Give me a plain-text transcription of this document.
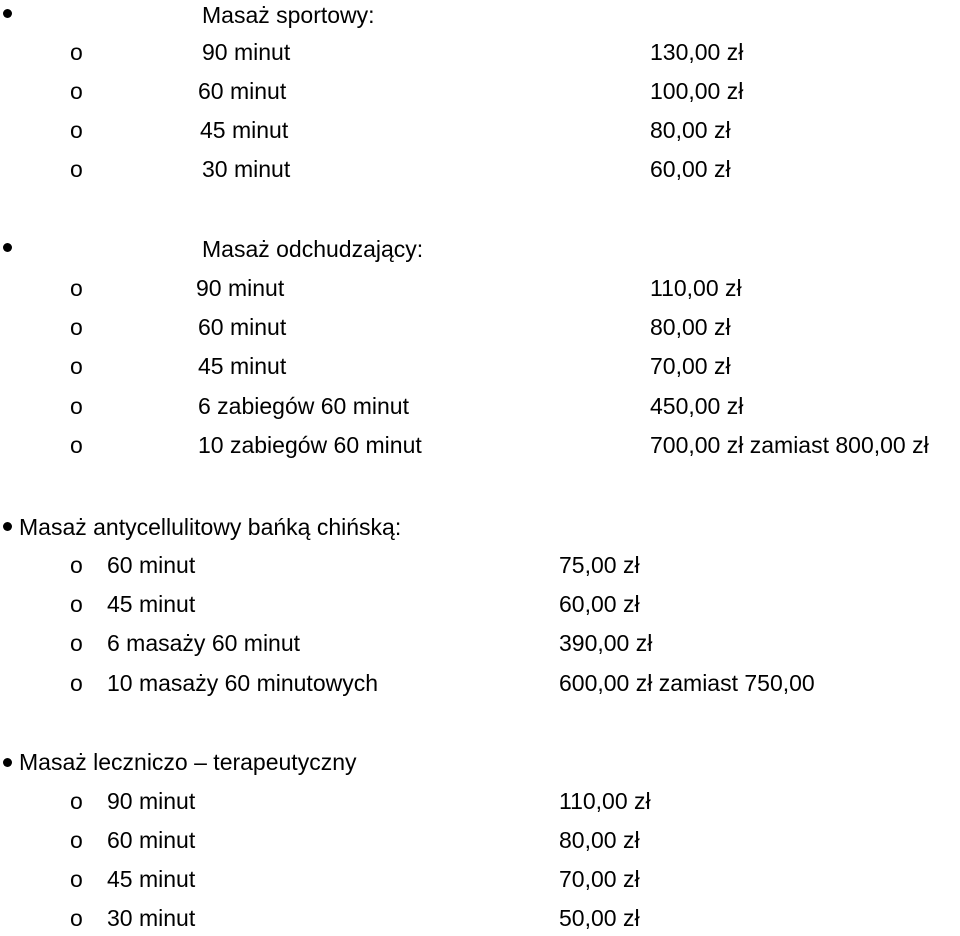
Masaż sportowy:
o	90 minut	130,00 zł
o	60 minut	100,00 zł
o	45 minut	80,00 zł
o	30 minut	60,00 zł
Masaż odchudzający:
o	90 minut	110,00 zł
o	60 minut	80,00 zł
o	45 minut	70,00 zł
o	6 zabiegów 60 minut	450,00 zł
o	10 zabiegów 60 minut	700,00 zł zamiast 800,00 zł
Masaż antycellulitowy bańką chińską:
o 60 minut	75,00 zł
o 45 minut	60,00 zł
o 6 masaży 60 minut	390,00 zł
o 10 masaży 60 minutowych	600,00 zł zamiast 750,00
Masaż leczniczo – terapeutyczny
o 90 minut	110,00 zł
o 60 minut	80,00 zł
o 45 minut	70,00 zł
o 30 minut	50,00 zł
